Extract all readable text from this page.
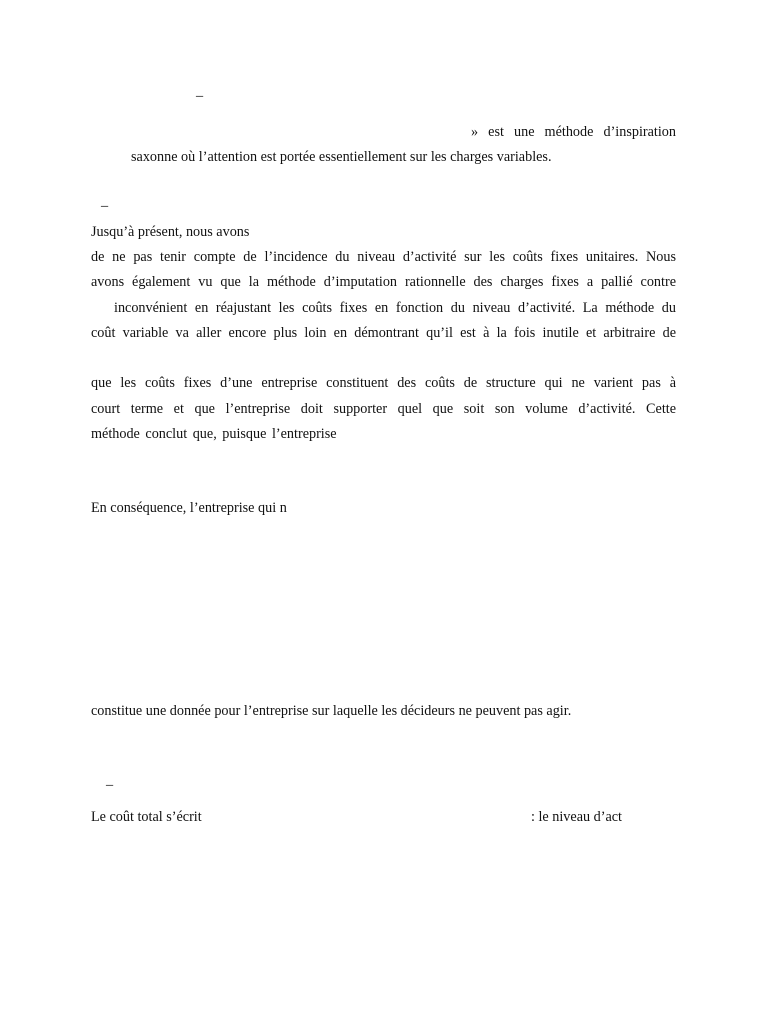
–
» est une méthode d’inspiration
saxonne où l’attention est portée essentiellement sur les charges variables.
–
Jusqu’à présent, nous avons
de ne pas tenir compte de l’incidence du niveau d’activité sur les coûts fixes unitaires. Nous
avons également vu que la méthode d’imputation rationnelle des charges fixes a pallié contre
inconvénient en réajustant les coûts fixes en fonction du niveau d’activité. La méthode du
coût variable va aller encore plus loin en démontrant qu’il est à la fois inutile et arbitraire de
que les coûts fixes d’une entreprise constituent des coûts de structure qui ne varient pas à
court terme et que l’entreprise doit supporter quel que soit son volume d’activité. Cette
méthode conclut que, puisque l’entreprise
En conséquence, l’entreprise qui n
constitue une donnée pour l’entreprise sur laquelle les décideurs ne peuvent pas agir.
–
Le coût total s’écrit	: le niveau d’act
